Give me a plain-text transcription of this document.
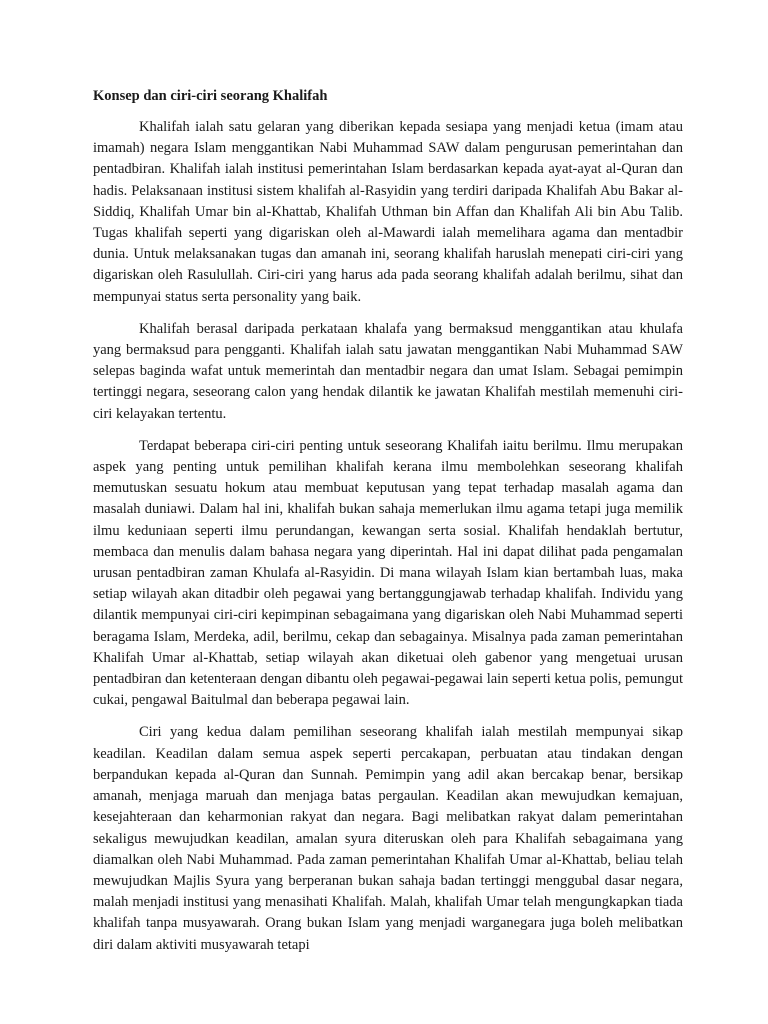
Konsep dan ciri-ciri seorang Khalifah

Khalifah ialah satu gelaran yang diberikan kepada sesiapa yang menjadi ketua (imam atau imamah) negara Islam menggantikan Nabi Muhammad SAW dalam pengurusan pemerintahan dan pentadbiran. Khalifah ialah institusi pemerintahan Islam berdasarkan kepada ayat-ayat al-Quran dan hadis. Pelaksanaan institusi sistem khalifah al-Rasyidin yang terdiri daripada Khalifah Abu Bakar al-Siddiq, Khalifah Umar bin al-Khattab, Khalifah Uthman bin Affan dan Khalifah Ali bin Abu Talib. Tugas khalifah seperti yang digariskan oleh al-Mawardi ialah memelihara agama dan mentadbir dunia. Untuk melaksanakan tugas dan amanah ini, seorang khalifah haruslah menepati ciri-ciri yang digariskan oleh Rasulullah. Ciri-ciri yang harus ada pada seorang khalifah adalah berilmu, sihat dan mempunyai status serta personality yang baik.

Khalifah berasal daripada perkataan khalafa yang bermaksud menggantikan atau khulafa yang bermaksud para pengganti. Khalifah ialah satu jawatan menggantikan Nabi Muhammad SAW selepas baginda wafat untuk memerintah dan mentadbir negara dan umat Islam. Sebagai pemimpin tertinggi negara, seseorang calon yang hendak dilantik ke jawatan Khalifah mestilah memenuhi ciri-ciri kelayakan tertentu.

Terdapat beberapa ciri-ciri penting untuk seseorang Khalifah iaitu berilmu. Ilmu merupakan aspek yang penting untuk pemilihan khalifah kerana ilmu membolehkan seseorang khalifah memutuskan sesuatu hokum atau membuat keputusan yang tepat terhadap masalah agama dan masalah duniawi. Dalam hal ini, khalifah bukan sahaja memerlukan ilmu agama tetapi juga memilik ilmu keduniaan seperti ilmu perundangan, kewangan serta sosial. Khalifah hendaklah bertutur, membaca dan menulis dalam bahasa negara yang diperintah. Hal ini dapat dilihat pada pengamalan urusan pentadbiran zaman Khulafa al-Rasyidin. Di mana wilayah Islam kian bertambah luas, maka setiap wilayah akan ditadbir oleh pegawai yang bertanggungjawab terhadap khalifah. Individu yang dilantik mempunyai ciri-ciri kepimpinan sebagaimana yang digariskan oleh Nabi Muhammad seperti beragama Islam, Merdeka, adil, berilmu, cekap dan sebagainya. Misalnya pada zaman pemerintahan Khalifah Umar al-Khattab, setiap wilayah akan diketuai oleh gabenor yang mengetuai urusan pentadbiran dan ketenteraan dengan dibantu oleh pegawai-pegawai lain seperti ketua polis, pemungut cukai, pengawal Baitulmal dan beberapa pegawai lain.

Ciri yang kedua dalam pemilihan seseorang khalifah ialah mestilah mempunyai sikap keadilan. Keadilan dalam semua aspek seperti percakapan, perbuatan atau tindakan dengan berpandukan kepada al-Quran dan Sunnah. Pemimpin yang adil akan bercakap benar, bersikap amanah, menjaga maruah dan menjaga batas pergaulan. Keadilan akan mewujudkan kemajuan, kesejahteraan dan keharmonian rakyat dan negara. Bagi melibatkan rakyat dalam pemerintahan sekaligus mewujudkan keadilan, amalan syura diteruskan oleh para Khalifah sebagaimana yang diamalkan oleh Nabi Muhammad. Pada zaman pemerintahan Khalifah Umar al-Khattab, beliau telah mewujudkan Majlis Syura yang berperanan bukan sahaja badan tertinggi menggubal dasar negara, malah menjadi institusi yang menasihati Khalifah. Malah, khalifah Umar telah mengungkapkan tiada khalifah tanpa musyawarah. Orang bukan Islam yang menjadi warganegara juga boleh melibatkan diri dalam aktiviti musyawarah tetapi
